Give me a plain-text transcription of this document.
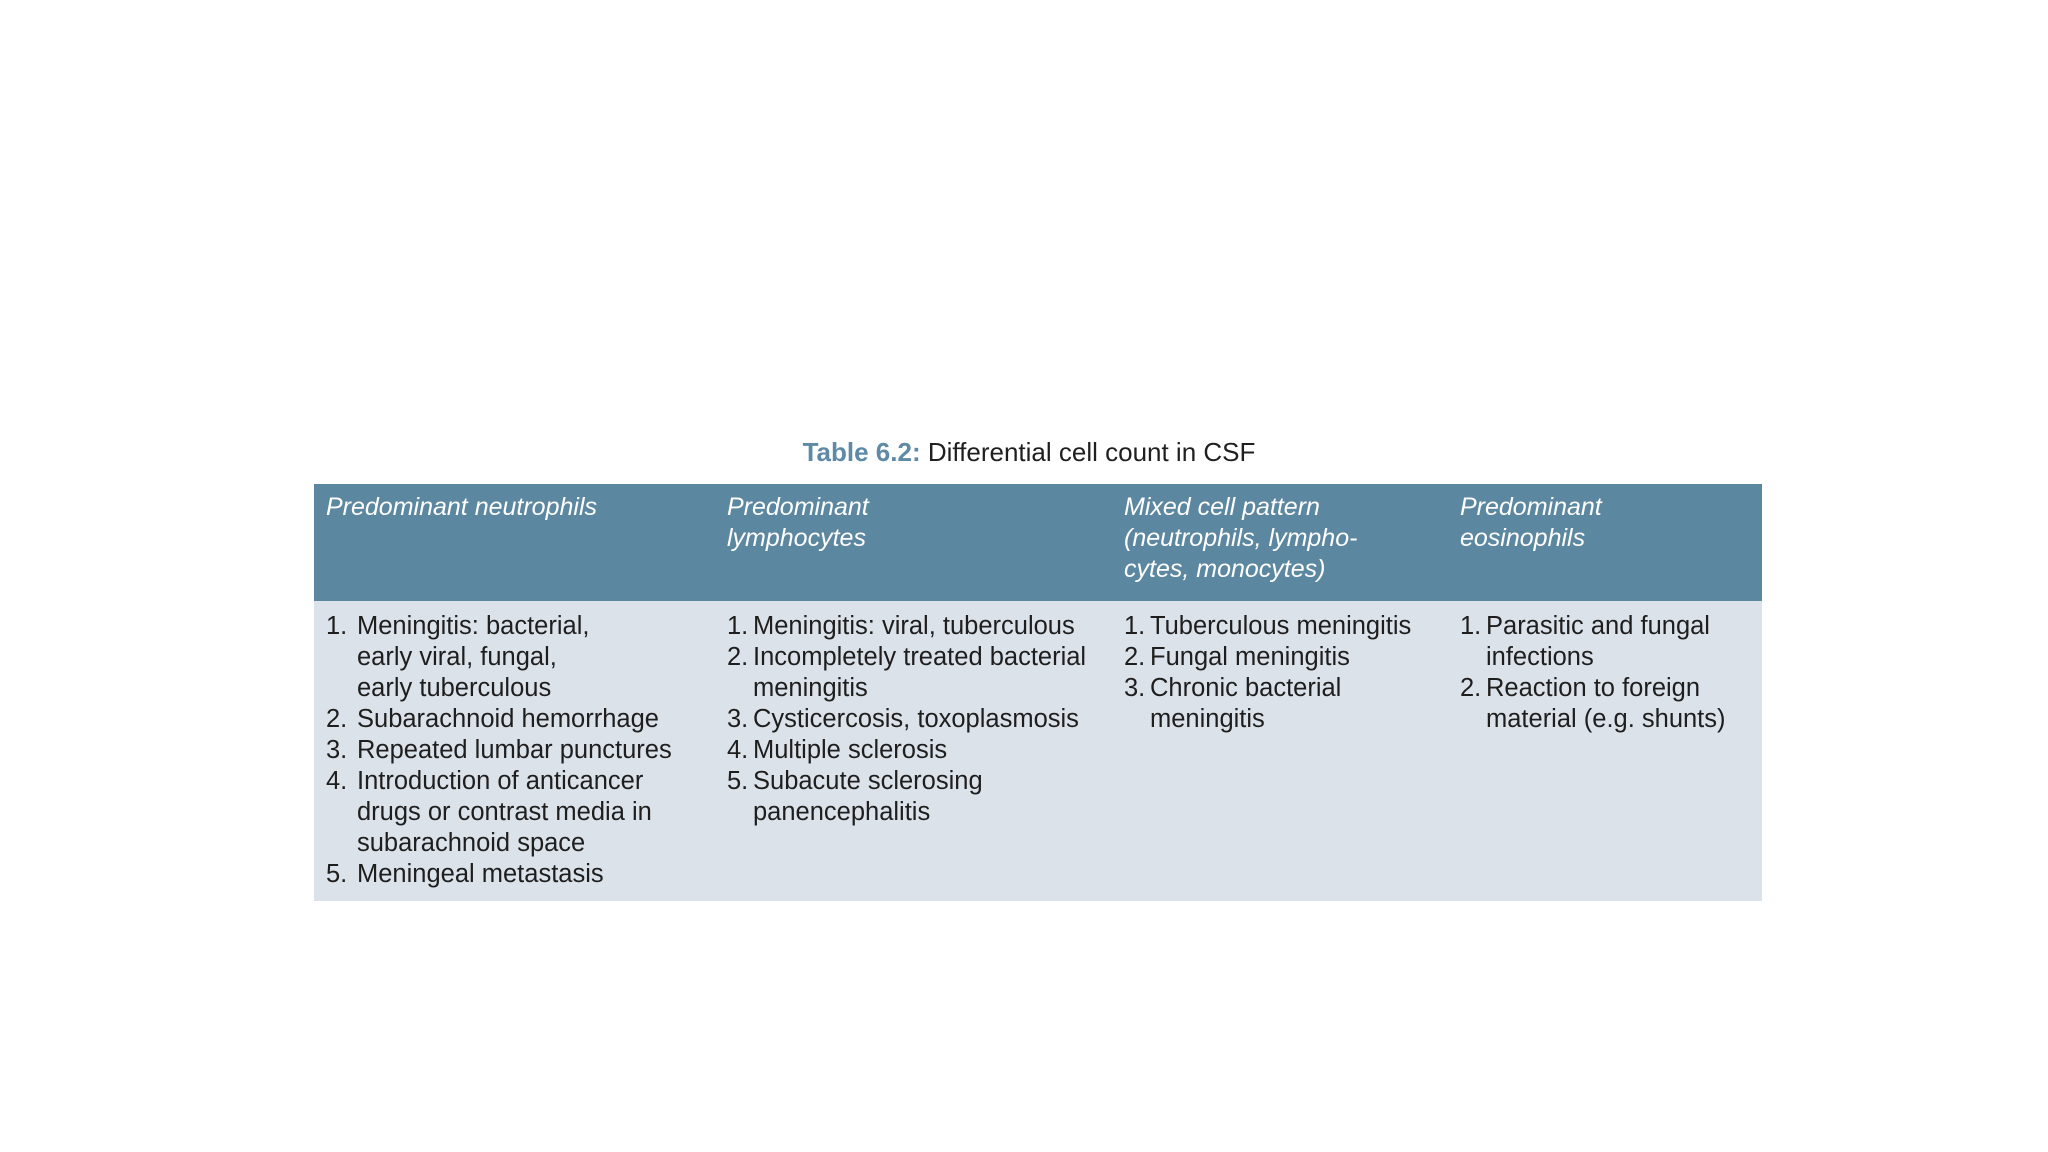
Table 6.2: Differential cell count in CSF
Predominant neutrophils	Predominant
lymphocytes
Mixed cell pattern
(neutrophils, lympho-
cytes, monocytes)
Predominant
eosinophils
1. Meningitis: bacterial,
early viral, fungal,
early tuberculous
2. Subarachnoid hemorrhage
3. Repeated lumbar punctures
4. Introduction of anticancer
drugs or contrast media in
subarachnoid space
5. Meningeal metastasis
1. Meningitis: viral, tuberculous
2. Incompletely treated bacterial
meningitis
3. Cysticercosis, toxoplasmosis
4. Multiple sclerosis
5. Subacute sclerosing
panencephalitis
1. Tuberculous meningitis
2. Fungal meningitis
3. Chronic bacterial
meningitis
1. Parasitic and fungal
infections
2. Reaction to foreign
material (e.g. shunts)
